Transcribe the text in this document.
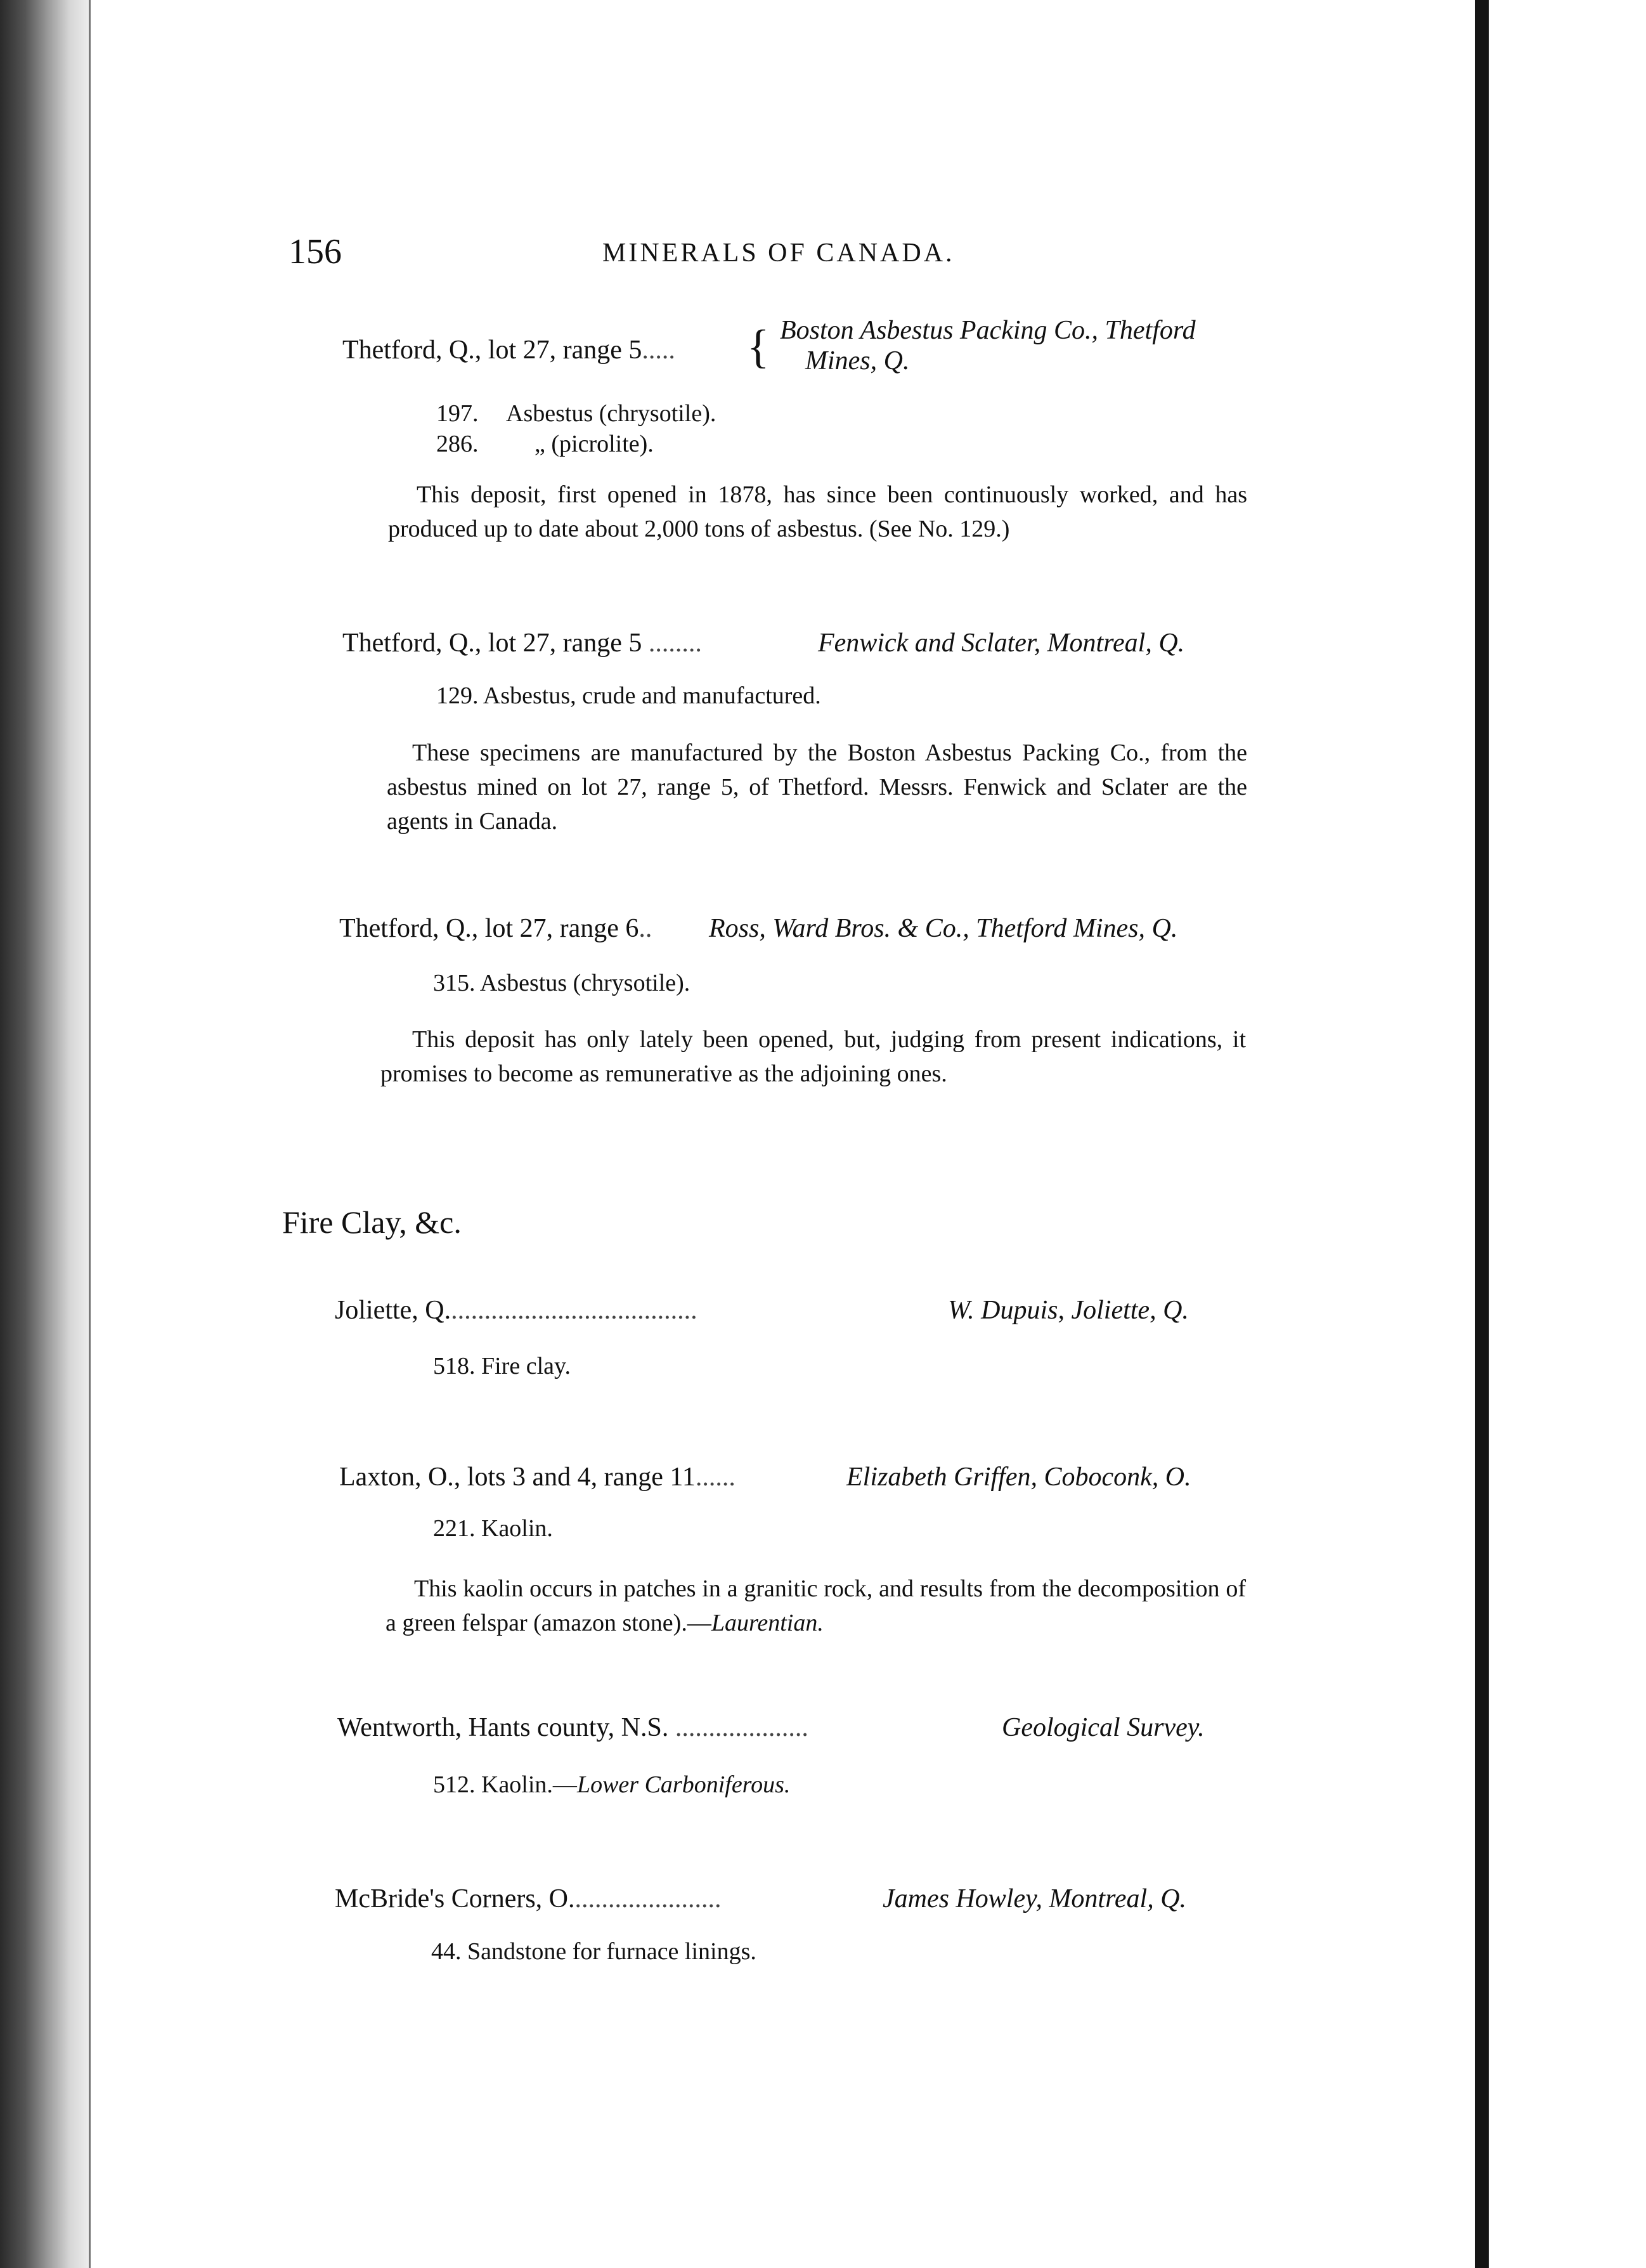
156	MINERALS OF CANADA.
Thetford, Q., lot 27, range 5..... { Boston Asbestus Packing Co., Thetford
Mines, Q.
197. Asbestus (chrysotile).
286. „ (picrolite).
This deposit, first opened in 1878, has since been continuously worked, and has produced up to date about 2,000 tons of asbestus. (See No. 129.)
Thetford, Q., lot 27, range 5 ........	Fenwick and Sclater, Montreal, Q.
129. Asbestus, crude and manufactured.
These specimens are manufactured by the Boston Asbestus Packing Co., from the asbestus mined on lot 27, range 5, of Thetford. Messrs. Fenwick and Sclater are the agents in Canada.
Thetford, Q., lot 27, range 6.. Ross, Ward Bros. & Co., Thetford Mines, Q.
315. Asbestus (chrysotile).
This deposit has only lately been opened, but, judging from present indications, it promises to become as remunerative as the adjoining ones.
Fire Clay, &c.
Joliette, Q......................................	W. Dupuis, Joliette, Q.
518. Fire clay.
Laxton, O., lots 3 and 4, range 11......	Elizabeth Griffen, Coboconk, O.
221. Kaolin.
This kaolin occurs in patches in a granitic rock, and results from the decomposition of a green felspar (amazon stone).—Laurentian.
Wentworth, Hants county, N.S. ....................	Geological Survey.
512. Kaolin.—Lower Carboniferous.
McBride's Corners, O.......................	James Howley, Montreal, Q.
44. Sandstone for furnace linings.
